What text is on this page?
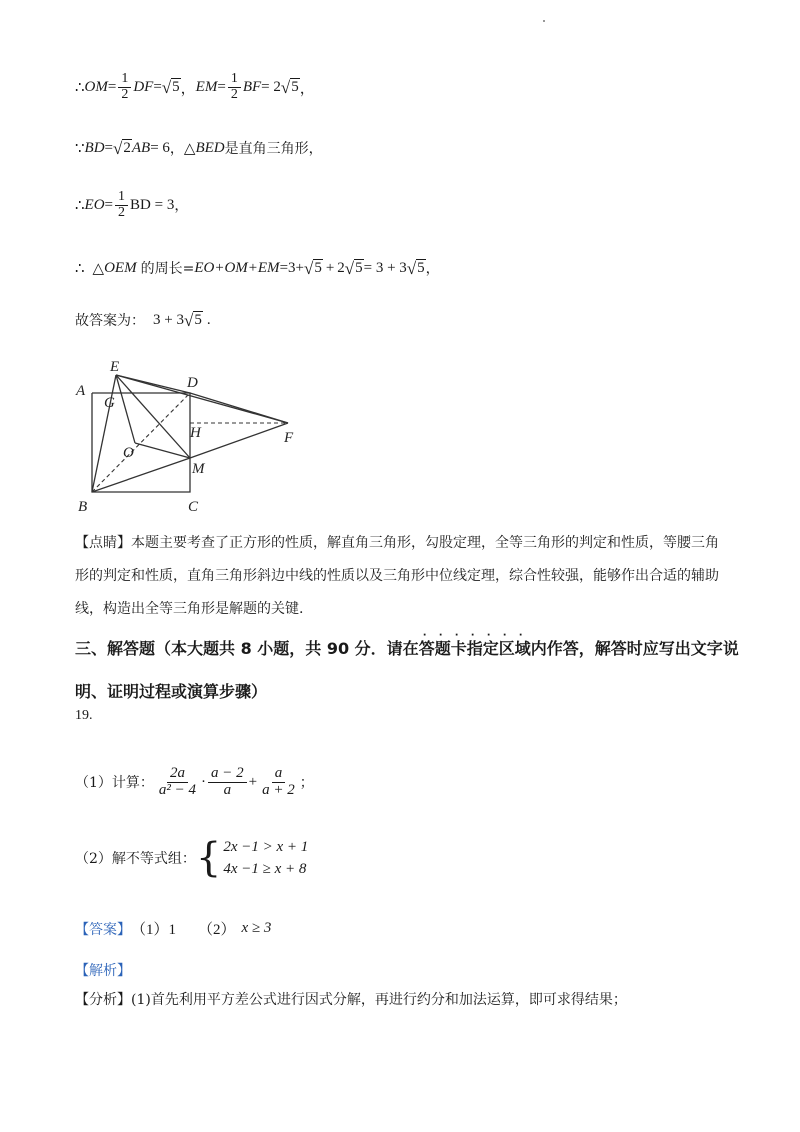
∴ OM = $\frac{1}{2}$ DF = √ 5 ， EM = $\frac{1}{2}$ BF = 2 √ 5 ，
∵ BD = √ 2 AB = 6 ， △ BED 是直角三角形，
∴ EO = $\frac{1}{2}$ BD = 3 ，
∴ △ OEM 的周长= EO+OM+EM =3+ √ 5 + 2 √ 5 = 3 + 3 √ 5 ，
故答案为： 3 + 3 √ 5 .
A
B	C
D
E
F
G
H
M
O
【点睛】本题主要考查了正方形的性质，解直角三角形，勾股定理，全等三角形的判定和性质，等腰三角形的判定和性质，直角三角形斜边中线的性质以及三角形中位线定理，综合性较强，能够作出合适的辅助线，构造出全等三角形是解题的关键.
三、解答题（本大题共 8 小题，共 90 分．请在答题卡指定区域
· · · · · · ·
内作答，解答时应写出文字说
明、证明过程或演算步骤）
19.
（1）计算： $\frac{2a}{\text{a² − 4}} \cdot \frac{a - 2}{a} + \frac{a}{a + 2}$ ；
（2）解不等式组： { 2x −1 > x + 1
4x −1 ≥ x + 8
【答案】 （1）1 （2） x ≥ 3
【解析】
【分析】 (1)首先利用平方差公式进行因式分解，再进行约分和加法运算，即可求得结果；
